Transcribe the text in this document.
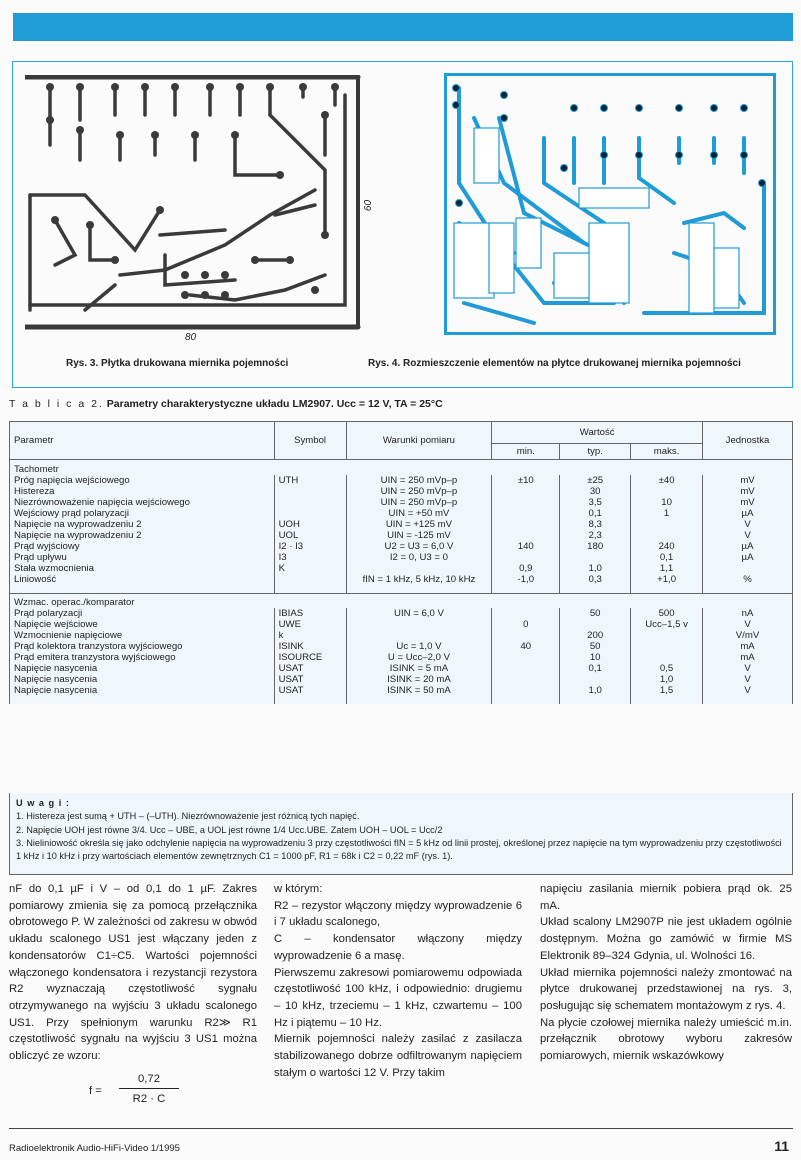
80
60
Rys. 3. Płytka drukowana miernika pojemności	Rys. 4. Rozmieszczenie elementów na płytce drukowanej miernika pojemności
T a b l i c a 2. Parametry charakterystyczne układu LM2907. Ucc = 12 V, TA = 25°C
Parametr	Symbol	Warunki pomiaru	Wartość			Jednostka
			min.	typ.	maks.	
Tachometr						
Próg napięcia wejściowego	UTH	UIN = 250 mVp–p	±10	±25	±40	mV
Histereza		UIN = 250 mVp–p		30		mV
Niezrównoważenie napięcia wejściowego		UIN = 250 mVp–p		3,5	10	mV
Wejściowy prąd polaryzacji		UIN = +50 mV		0,1	1	µA
Napięcie na wyprowadzeniu 2	UOH	UIN = +125 mV		8,3		V
Napięcie na wyprowadzeniu 2	UOL	UIN = -125 mV		2,3		V
Prąd wyjściowy	I2 · I3	U2 = U3 = 6,0 V	140	180	240	µA
Prąd upływu	I3	I2 = 0, U3 = 0			0,1	µA
Stała wzmocnienia	K		0,9	1,0	1,1	
Liniowość		fIN = 1 kHz, 5 kHz, 10 kHz	-1,0	0,3	+1,0	%

Wzmac. operac./komparator						
Prąd polaryzacji	IBIAS	UIN = 6,0 V		50	500	nA
Napięcie wejściowe	UWE		0		Ucc–1,5 v	V
Wzmocnienie napięciowe	k			200		V/mV
Prąd kolektora tranzystora wyjściowego	ISINK	Uc = 1,0 V	40	50		mA
Prąd emitera tranzystora wyjściowego	ISOURCE	U = Ucc–2,0 V		10		mA
Napięcie nasycenia	USAT	ISINK = 5 mA		0,1	0,5	V
Napięcie nasycenia	USAT	ISINK = 20 mA			1,0	V
Napięcie nasycenia	USAT	ISINK = 50 mA		1,0	1,5	V

U w a g i :
1. Histereza jest sumą + UTH – (–UTH). Niezrównoważenie jest różnicą tych napięć.
2. Napięcie UOH jest równe 3/4. Ucc – UBE, a UOL jest równe 1/4 Ucc.UBE. Zatem UOH – UOL = Ucc/2
3. Nieliniowość określa się jako odchylenie napięcia na wyprowadzeniu 3 przy częstotliwości fIN = 5 kHz od linii prostej, określonej przez napięcie na tym wyprowadzeniu przy częstotliwości 1 kHz i 10 kHz i przy wartościach elementów zewnętrznych C1 = 1000 pF, R1 = 68k i C2 = 0,22 mF (rys. 1).

nF do 0,1 µF i V – od 0,1 do 1 µF. Zakres pomiarowy zmienia się za pomocą przełącznika obrotowego P. W zależności od zakresu w obwód układu scalonego US1 jest włączany jeden z kondensatorów C1÷C5. Wartości pojemności włączonego kondensatora i rezystancji rezystora R2 wyznaczają częstotliwość sygnału otrzymywanego na wyjściu 3 układu scalonego US1. Przy spełnionym warunku R2≫ R1 częstotliwość sygnału na wyjściu 3 US1 można obliczyć ze wzoru:

f =
0,72
R2 · C

w którym:

R2 – rezystor włączony między wyprowadzenie 6 i 7 układu scalonego,

C – kondensator włączony między wyprowadzenie 6 a masę.

Pierwszemu zakresowi pomiarowemu odpowiada częstotliwość 100 kHz, i odpowiednio: drugiemu – 10 kHz, trzeciemu – 1 kHz, czwartemu – 100 Hz i piątemu – 10 Hz.

Miernik pojemności należy zasilać z zasilacza stabilizowanego dobrze odfiltrowanym napięciem stałym o wartości 12 V. Przy takim

napięciu zasilania miernik pobiera prąd ok. 25 mA.

Układ scalony LM2907P nie jest układem ogólnie dostępnym. Można go zamówić w firmie MS Elektronik 89–324 Gdynia, ul. Wolności 16.

Układ miernika pojemności należy zmontować na płytce drukowanej przedstawionej na rys. 3, posługując się schematem montażowym z rys. 4.

Na płycie czołowej miernika należy umieścić m.in. przełącznik obrotowy wyboru zakresów pomiarowych, miernik wskazówkowy

Radioelektronik Audio-HiFi-Video 1/1995	11
